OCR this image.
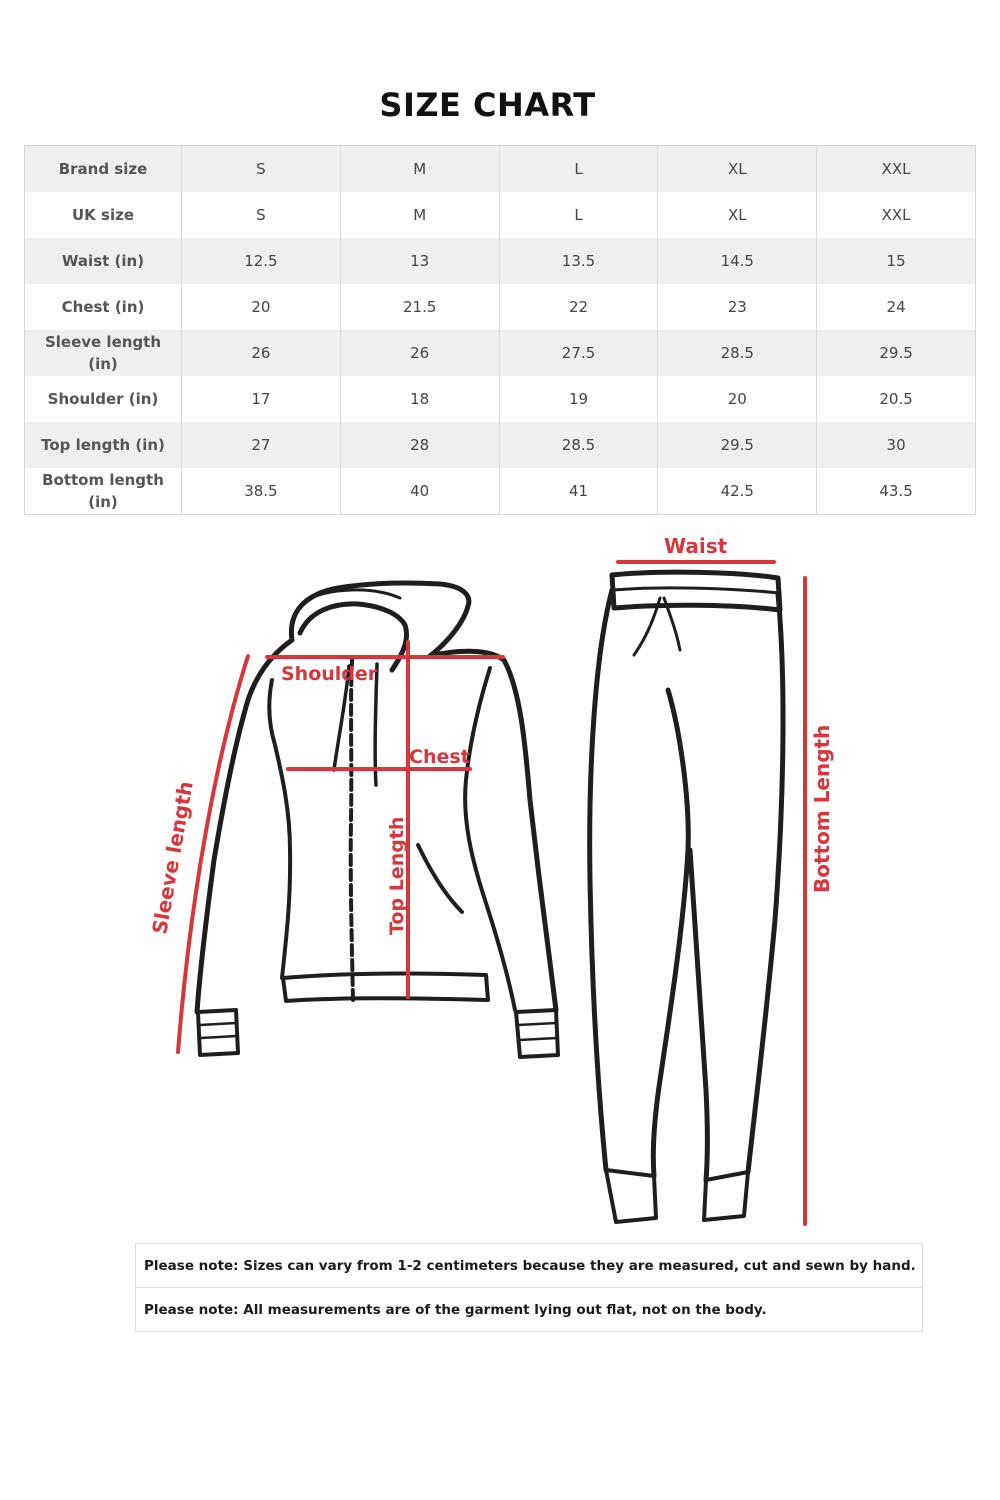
SIZE CHART
Brand size	S	M	L	XL	XXL
UK size	S	M	L	XL	XXL
Waist (in)	12.5	13	13.5	14.5	15
Chest (in)	20	21.5	22	23	24
Sleeve length (in)	26	26	27.5	28.5	29.5
Shoulder (in)	17	18	19	20	20.5
Top length (in)	27	28	28.5	29.5	30
Bottom length (in)	38.5	40	41	42.5	43.5
Shoulder
Chest
Sleeve length	Top Length
Waist
Bottom Length
Please note: Sizes can vary from 1-2 centimeters because they are measured, cut and sewn by hand.
Please note: All measurements are of the garment lying out flat, not on the body.
